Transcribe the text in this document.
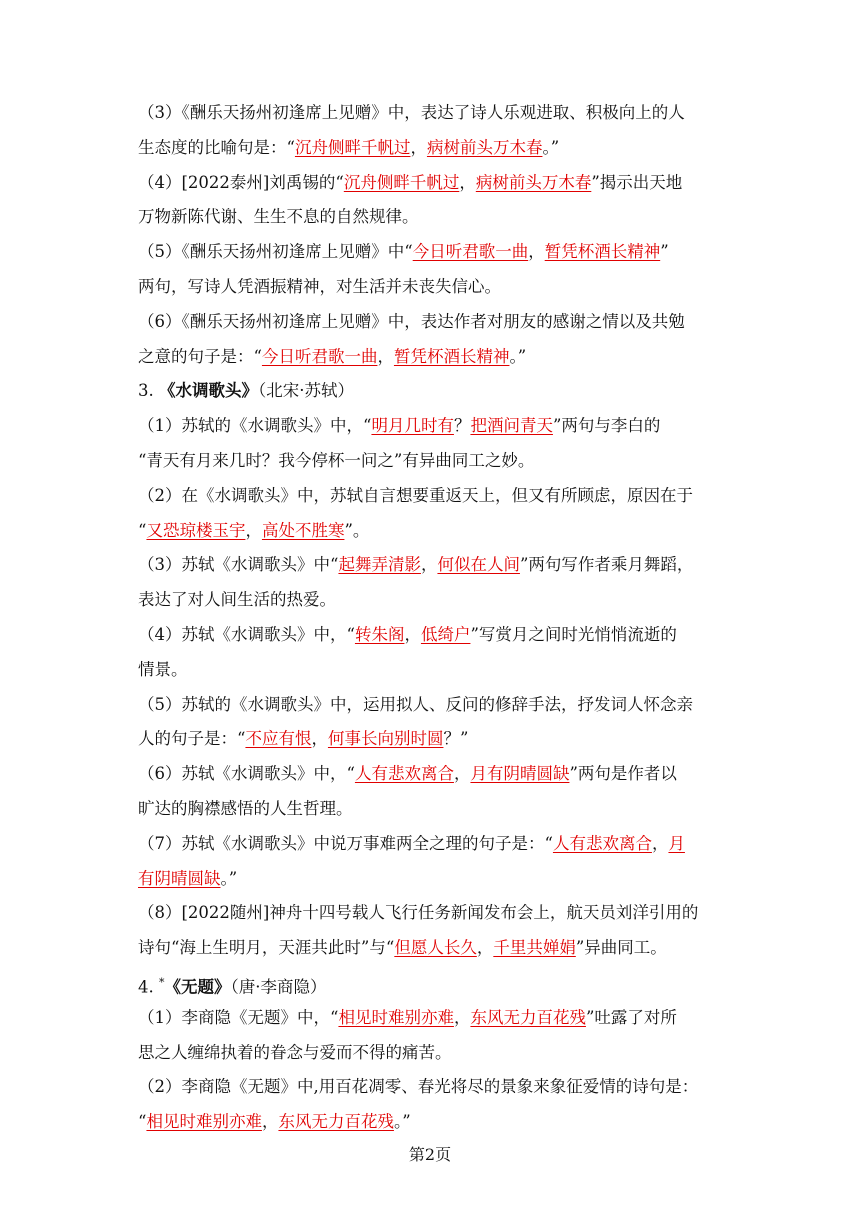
（3）《酬乐天扬州初逢席上见赠》中，表达了诗人乐观进取、积极向上的人
生态度的比喻句是：“沉舟侧畔千帆过，病树前头万木春。”
（4）[2022泰州]刘禹锡的“沉舟侧畔千帆过，病树前头万木春”揭示出天地
万物新陈代谢、生生不息的自然规律。
（5）《酬乐天扬州初逢席上见赠》中“今日听君歌一曲，暂凭杯酒长精神”
两句，写诗人凭酒振精神，对生活并未丧失信心。
（6）《酬乐天扬州初逢席上见赠》中，表达作者对朋友的感谢之情以及共勉
之意的句子是：“今日听君歌一曲，暂凭杯酒长精神。”
3. 《水调歌头》（北宋·苏轼）
（1）苏轼的《水调歌头》中，“明月几时有？把酒问青天”两句与李白的
“青天有月来几时？我今停杯一问之”有异曲同工之妙。
（2）在《水调歌头》中，苏轼自言想要重返天上，但又有所顾虑，原因在于
“又恐琼楼玉宇，高处不胜寒”。
（3）苏轼《水调歌头》中“起舞弄清影，何似在人间”两句写作者乘月舞蹈，
表达了对人间生活的热爱。
（4）苏轼《水调歌头》中，“转朱阁，低绮户”写赏月之间时光悄悄流逝的
情景。
（5）苏轼的《水调歌头》中，运用拟人、反问的修辞手法，抒发词人怀念亲
人的句子是：“不应有恨，何事长向别时圆？”
（6）苏轼《水调歌头》中，“人有悲欢离合，月有阴晴圆缺”两句是作者以
旷达的胸襟感悟的人生哲理。
（7）苏轼《水调歌头》中说万事难两全之理的句子是：“人有悲欢离合，月
有阴晴圆缺。”
（8）[2022随州]神舟十四号载人飞行任务新闻发布会上，航天员刘洋引用的
诗句“海上生明月，天涯共此时”与“但愿人长久，千里共婵娟”异曲同工。
4. *《无题》（唐·李商隐）
（1）李商隐《无题》中，“相见时难别亦难，东风无力百花残”吐露了对所
思之人缠绵执着的眷念与爱而不得的痛苦。
（2）李商隐《无题》中,用百花凋零、春光将尽的景象来象征爱情的诗句是：
“相见时难别亦难，东风无力百花残。”
第2页
